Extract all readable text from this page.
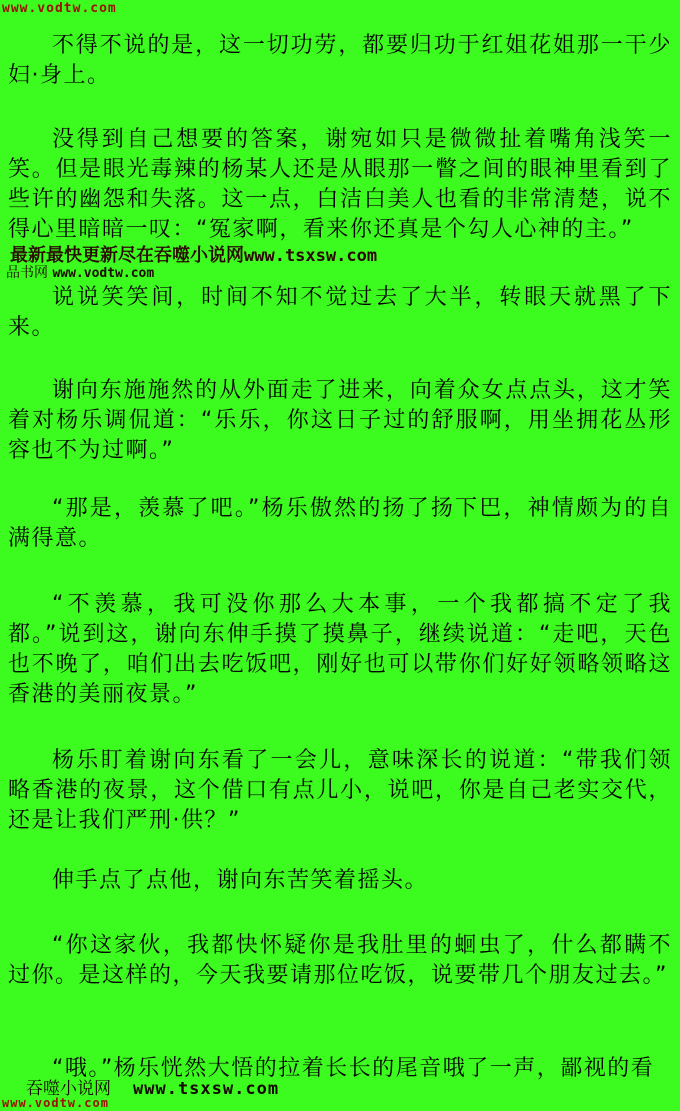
www.vodtw.com
不得不说的是，这一切功劳，都要归功于红姐花姐那一干少妇·身上。
没得到自己想要的答案，谢宛如只是微微扯着嘴角浅笑一笑。但是眼光毒辣的杨某人还是从眼那一瞥之间的眼神里看到了些许的幽怨和失落。这一点，白洁白美人也看的非常清楚，说不得心里暗暗一叹：“冤家啊，看来你还真是个勾人心神的主。”
最新最快更新尽在吞噬小说网www.tsxsw.com
品书网 www.vodtw.com
说说笑笑间，时间不知不觉过去了大半，转眼天就黑了下来。
谢向东施施然的从外面走了进来，向着众女点点头，这才笑着对杨乐调侃道：“乐乐，你这日子过的舒服啊，用坐拥花丛形容也不为过啊。”
“那是，羡慕了吧。”杨乐傲然的扬了扬下巴，神情颇为的自满得意。
“不羡慕，我可没你那么大本事，一个我都搞不定了我都。”说到这，谢向东伸手摸了摸鼻子，继续说道：“走吧，天色也不晚了，咱们出去吃饭吧，刚好也可以带你们好好领略领略这香港的美丽夜景。”
杨乐盯着谢向东看了一会儿，意味深长的说道：“带我们领略香港的夜景，这个借口有点儿小，说吧，你是自己老实交代，还是让我们严刑·供？”
伸手点了点他，谢向东苦笑着摇头。
“你这家伙，我都快怀疑你是我肚里的蛔虫了，什么都瞒不过你。是这样的，今天我要请那位吃饭，说要带几个朋友过去。”
“哦。”杨乐恍然大悟的拉着长长的尾音哦了一声，鄙视的看
吞噬小说网 www.tsxsw.com
www.vodtw.com
